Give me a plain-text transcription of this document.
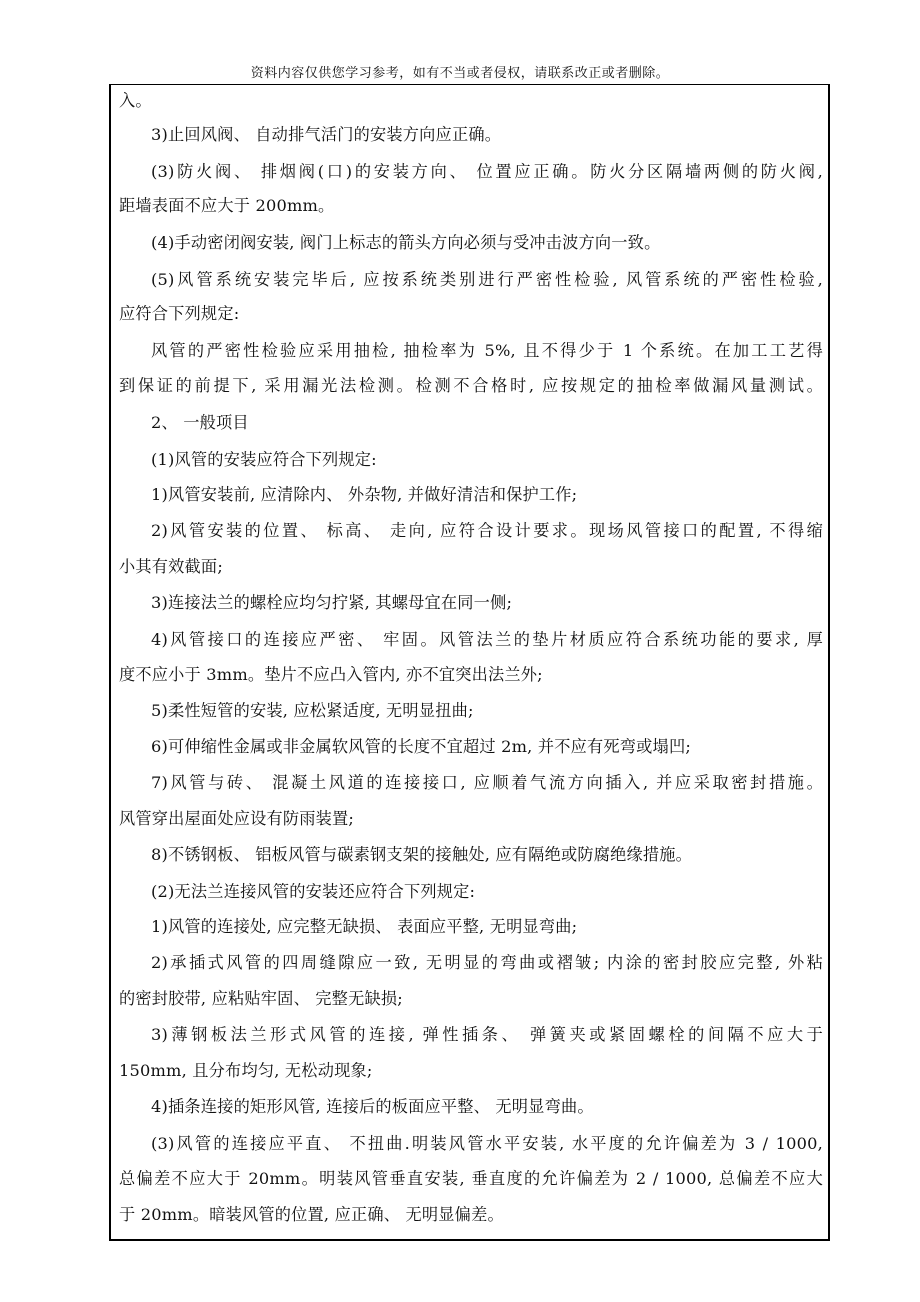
资料内容仅供您学习参考，如有不当或者侵权，请联系改正或者删除。
入。
3)止回风阀、 自动排气活门的安装方向应正确。
(3)防火阀、 排烟阀(口)的安装方向、 位置应正确。防火分区隔墙两侧的防火阀,
距墙表面不应大于 200mm。
(4)手动密闭阀安装, 阀门上标志的箭头方向必须与受冲击波方向一致。
(5)风管系统安装完毕后, 应按系统类别进行严密性检验, 风管系统的严密性检验,
应符合下列规定:
风管的严密性检验应采用抽检, 抽检率为 5%, 且不得少于 1 个系统。在加工工艺得
到保证的前提下, 采用漏光法检测。检测不合格时, 应按规定的抽检率做漏风量测试。
2、 一般项目
(1)风管的安装应符合下列规定:
1)风管安装前, 应清除内、 外杂物, 并做好清洁和保护工作;
2)风管安装的位置、 标高、 走向, 应符合设计要求。现场风管接口的配置, 不得缩
小其有效截面;
3)连接法兰的螺栓应均匀拧紧, 其螺母宜在同一侧;
4)风管接口的连接应严密、 牢固。风管法兰的垫片材质应符合系统功能的要求, 厚
度不应小于 3mm。垫片不应凸入管内, 亦不宜突出法兰外;
5)柔性短管的安装, 应松紧适度, 无明显扭曲;
6)可伸缩性金属或非金属软风管的长度不宜超过 2m, 并不应有死弯或塌凹;
7)风管与砖、 混凝土风道的连接接口, 应顺着气流方向插入, 并应采取密封措施。
风管穿出屋面处应设有防雨装置;
8)不锈钢板、 铝板风管与碳素钢支架的接触处, 应有隔绝或防腐绝缘措施。
(2)无法兰连接风管的安装还应符合下列规定:
1)风管的连接处, 应完整无缺损、 表面应平整, 无明显弯曲;
2)承插式风管的四周缝隙应一致, 无明显的弯曲或褶皱; 内涂的密封胶应完整, 外粘
的密封胶带, 应粘贴牢固、 完整无缺损;
3)薄钢板法兰形式风管的连接, 弹性插条、 弹簧夹或紧固螺栓的间隔不应大于
150mm, 且分布均匀, 无松动现象;
4)插条连接的矩形风管, 连接后的板面应平整、 无明显弯曲。
(3)风管的连接应平直、 不扭曲.明装风管水平安装, 水平度的允许偏差为 3 / 1000,
总偏差不应大于 20mm。明装风管垂直安装, 垂直度的允许偏差为 2 / 1000, 总偏差不应大
于 20mm。暗装风管的位置, 应正确、 无明显偏差。
